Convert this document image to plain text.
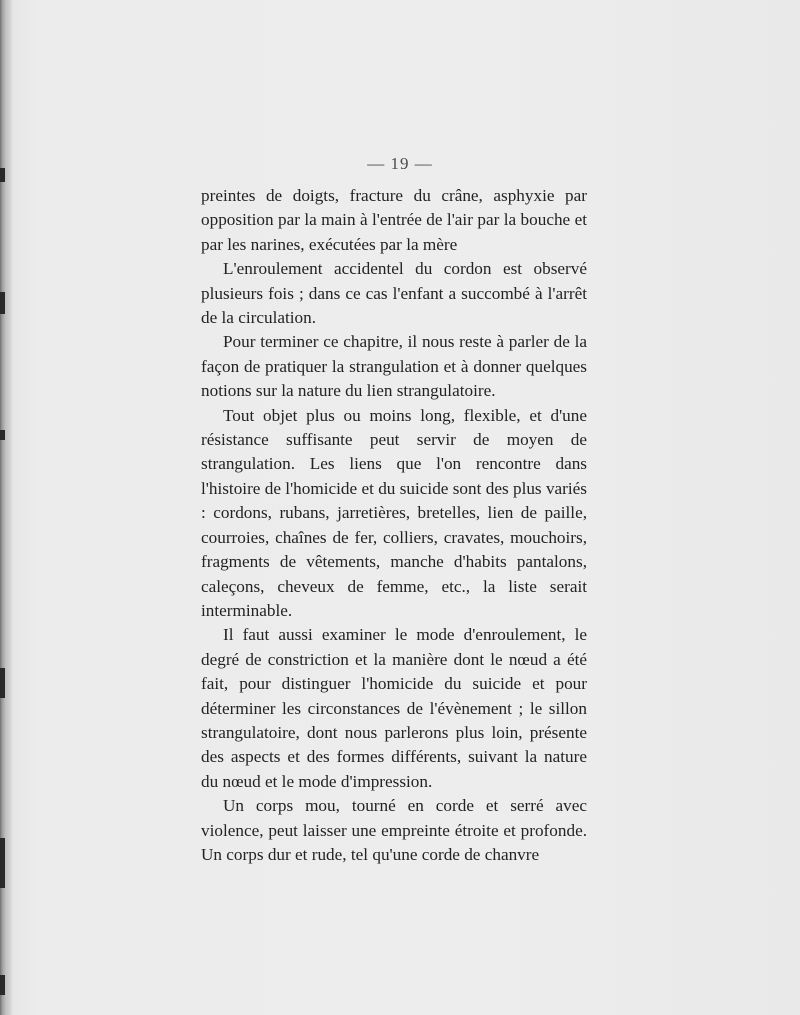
— 19 —

preintes de doigts, fracture du crâne, asphyxie par opposition par la main à l'entrée de l'air par la bouche et par les narines, exécutées par la mère

L'enroulement accidentel du cordon est observé plusieurs fois ; dans ce cas l'enfant a succombé à l'arrêt de la circulation.

Pour terminer ce chapitre, il nous reste à parler de la façon de pratiquer la strangulation et à donner quelques notions sur la nature du lien strangulatoire.

Tout objet plus ou moins long, flexible, et d'une résistance suffisante peut servir de moyen de strangulation. Les liens que l'on rencontre dans l'histoire de l'homicide et du suicide sont des plus variés : cordons, rubans, jarretières, bretelles, lien de paille, courroies, chaînes de fer, colliers, cravates, mouchoirs, fragments de vêtements, manche d'habits pantalons, caleçons, cheveux de femme, etc., la liste serait interminable.

Il faut aussi examiner le mode d'enroulement, le degré de constriction et la manière dont le nœud a été fait, pour distinguer l'homicide du suicide et pour déterminer les circonstances de l'évènement ; le sillon strangulatoire, dont nous parlerons plus loin, présente des aspects et des formes différents, suivant la nature du nœud et le mode d'impression.

Un corps mou, tourné en corde et serré avec violence, peut laisser une empreinte étroite et profonde. Un corps dur et rude, tel qu'une corde de chanvre
